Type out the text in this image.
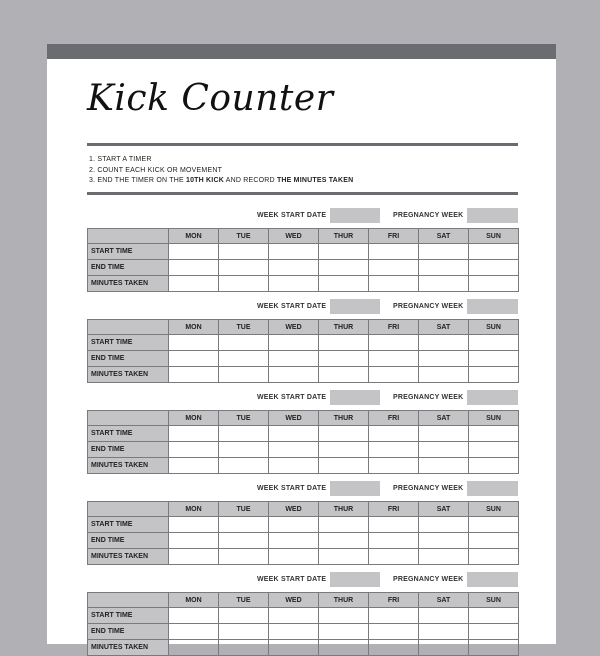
Kick Counter
1. START A TIMER
2. COUNT EACH KICK OR MOVEMENT
3. END THE TIMER ON THE 10TH KICK AND RECORD THE MINUTES TAKEN
WEEK START DATE	PREGNANCY WEEK
	MON	TUE	WED	THUR	FRI	SAT	SUN
START TIME							
END TIME							
MINUTES TAKEN							
WEEK START DATE	PREGNANCY WEEK
	MON	TUE	WED	THUR	FRI	SAT	SUN
START TIME							
END TIME							
MINUTES TAKEN							
WEEK START DATE	PREGNANCY WEEK
	MON	TUE	WED	THUR	FRI	SAT	SUN
START TIME							
END TIME							
MINUTES TAKEN							
WEEK START DATE	PREGNANCY WEEK
	MON	TUE	WED	THUR	FRI	SAT	SUN
START TIME							
END TIME							
MINUTES TAKEN							
WEEK START DATE	PREGNANCY WEEK
	MON	TUE	WED	THUR	FRI	SAT	SUN
START TIME							
END TIME							
MINUTES TAKEN							
